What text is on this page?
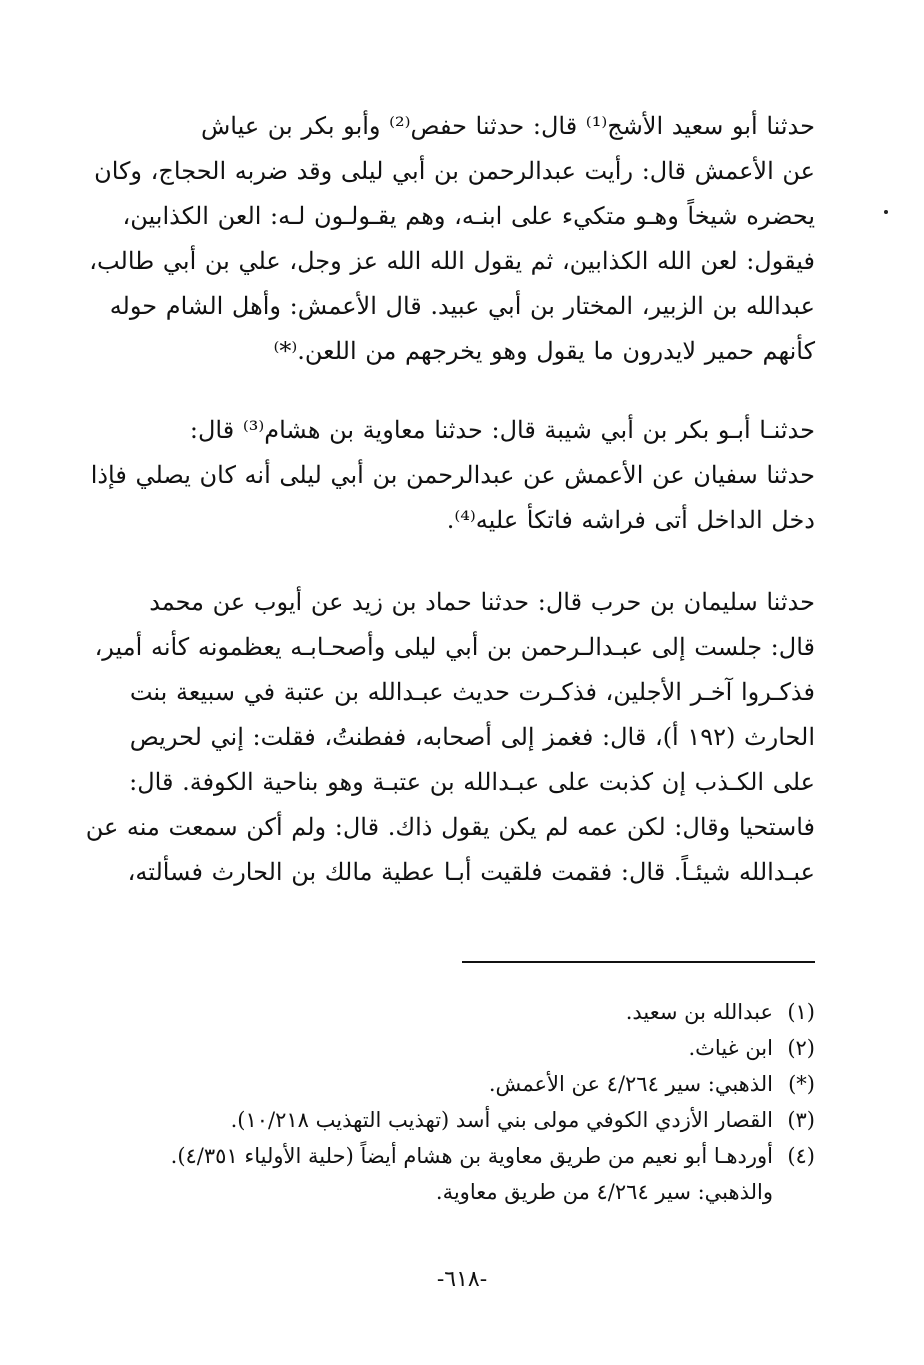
حدثنا أبو سعيد الأشج⁽¹⁾ قال: حدثنا حفص⁽²⁾ وأبو بكر بن عياش
عن الأعمش قال: رأيت عبدالرحمن بن أبي ليلى وقد ضربه الحجاج، وكان
يحضره شيخاً وهـو متكيء على ابنـه، وهم يقـولـون لـه: العن الكذابين،
فيقول: لعن الله الكذابين، ثم يقول الله الله عز وجل، علي بن أبي طالب،
عبدالله بن الزبير، المختار بن أبي عبيد. قال الأعمش: وأهل الشام حوله
كأنهم حمير لايدرون ما يقول وهو يخرجهم من اللعن.⁽*⁾

حدثنـا أبـو بكر بن أبي شيبة قال: حدثنا معاوية بن هشام⁽³⁾ قال:
حدثنا سفيان عن الأعمش عن عبدالرحمن بن أبي ليلى أنه كان يصلي فإذا
دخل الداخل أتى فراشه فاتكأ عليه⁽⁴⁾.

حدثنا سليمان بن حرب قال: حدثنا حماد بن زيد عن أيوب عن محمد
قال: جلست إلى عبـدالـرحمن بن أبي ليلى وأصحـابـه يعظمونه كأنه أمير،
فذكـروا آخـر الأجلين، فذكـرت حديث عبـدالله بن عتبة في سبيعة بنت
الحارث (١٩٢ أ)، قال: فغمز إلى أصحابه، ففطنتُ، فقلت: إني لحريص
على الكـذب إن كذبت على عبـدالله بن عتبـة وهو بناحية الكوفة. قال:
فاستحيا وقال: لكن عمه لم يكن يقول ذاك. قال: ولم أكن سمعت منه عن
عبـدالله شيئـاً. قال: فقمت فلقيت أبـا عطية مالك بن الحارث فسألته،

(١)عبدالله بن سعيد.
(٢)ابن غياث.
(*)الذهبي: سير ٤/٢٦٤ عن الأعمش.
(٣)القصار الأزدي الكوفي مولى بني أسد (تهذيب التهذيب ١٠/٢١٨).
(٤)أوردهـا أبو نعيم من طريق معاوية بن هشام أيضاً (حلية الأولياء ٤/٣٥١).
والذهبي: سير ٤/٢٦٤ من طريق معاوية.
-٦١٨-
